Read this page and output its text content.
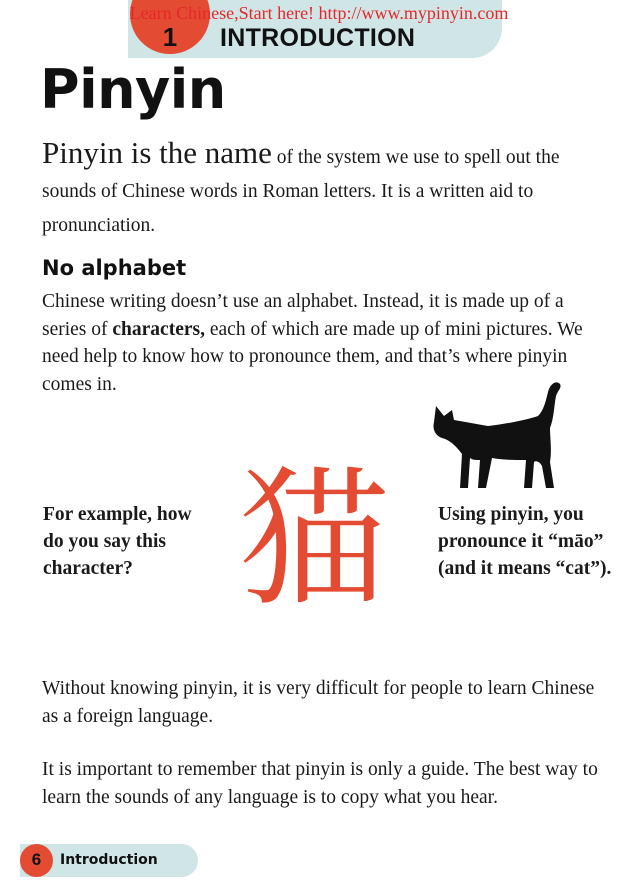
1	INTRODUCTION
Learn Chinese,Start here! http://www.mypinyin.com
Pinyin

Pinyin is the name of the system we use to spell out the sounds of Chinese words in Roman letters. It is a written aid to pronunciation.

No alphabet

Chinese writing doesn’t use an alphabet. Instead, it is made up of a series of characters, each of which are made up of mini pictures. We need help to know how to pronounce them, and that’s where pinyin comes in.

For example, how do you say this character? 猫	Using pinyin, you pronounce it “māo” (and it means “cat”).

Without knowing pinyin, it is very difficult for people to learn Chinese as a foreign language.

It is important to remember that pinyin is only a guide. The best way to learn the sounds of any language is to copy what you hear.

6	Introduction
